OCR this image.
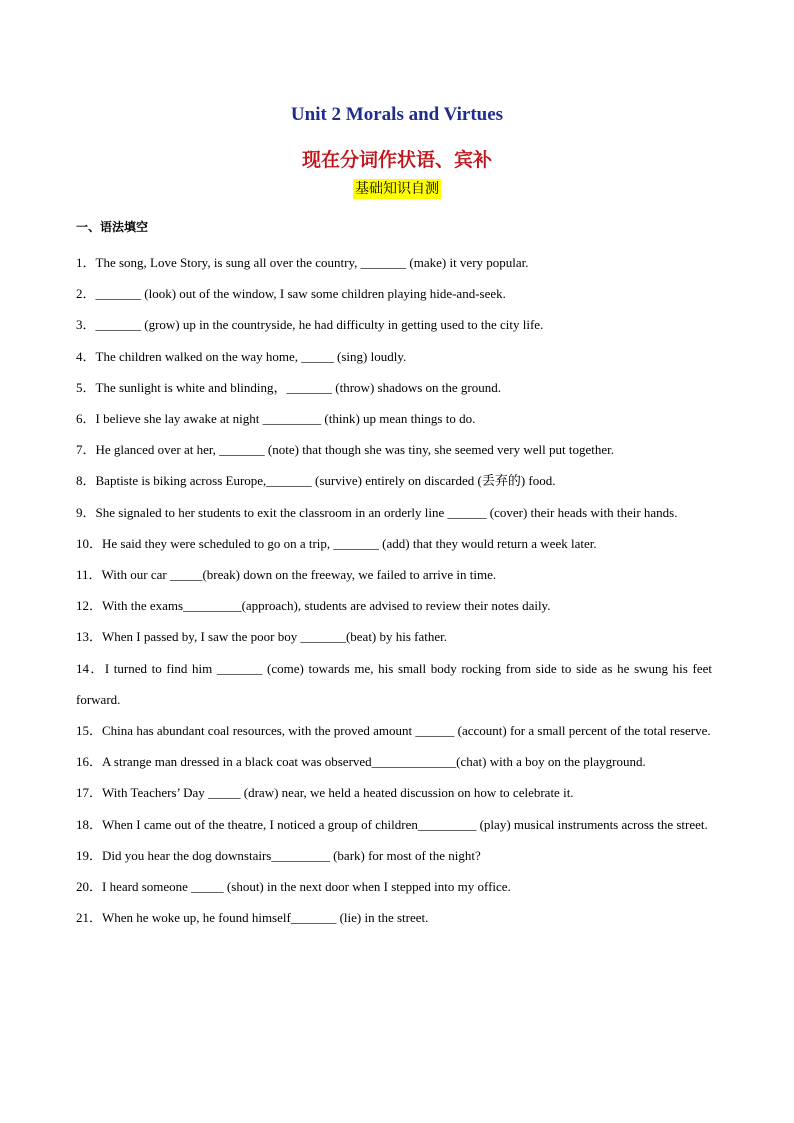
Unit 2 Morals and Virtues
现在分词作状语、宾补
基础知识自测
一、语法填空
1．The song, Love Story, is sung all over the country, _______ (make) it very popular.
2．_______ (look) out of the window, I saw some children playing hide-and-seek.
3．_______ (grow) up in the countryside, he had difficulty in getting used to the city life.
4．The children walked on the way home, _____ (sing) loudly.
5．The sunlight is white and blinding，_______ (throw) shadows on the ground.
6．I believe she lay awake at night _________ (think) up mean things to do.
7．He glanced over at her, _______ (note) that though she was tiny, she seemed very well put together.
8．Baptiste is biking across Europe,_______ (survive) entirely on discarded (丢弃的) food.
9．She signaled to her students to exit the classroom in an orderly line ______ (cover) their heads with their hands.
10．He said they were scheduled to go on a trip, _______ (add) that they would return a week later.
11．With our car _____(break) down on the freeway, we failed to arrive in time.
12．With the exams_________(approach), students are advised to review their notes daily.
13．When I passed by, I saw the poor boy _______(beat) by his father.
14．I turned to find him _______ (come) towards me, his small body rocking from side to side as he swung his feet forward.
15．China has abundant coal resources, with the proved amount ______ (account) for a small percent of the total reserve.
16．A strange man dressed in a black coat was observed_____________(chat) with a boy on the playground.
17．With Teachers’ Day _____ (draw) near, we held a heated discussion on how to celebrate it.
18．When I came out of the theatre, I noticed a group of children_________ (play) musical instruments across the street.
19．Did you hear the dog downstairs_________ (bark) for most of the night?
20．I heard someone _____ (shout) in the next door when I stepped into my office.
21．When he woke up, he found himself_______ (lie) in the street.
